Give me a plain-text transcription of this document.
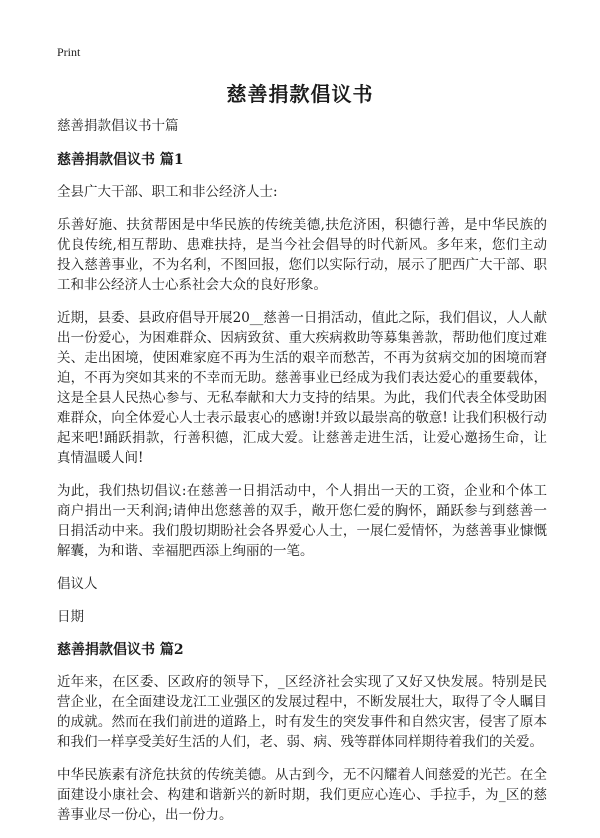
Print
慈善捐款倡议书

慈善捐款倡议书十篇

慈善捐款倡议书 篇1

全县广大干部、职工和非公经济人士:

乐善好施、扶贫帮困是中华民族的传统美德,扶危济困，积德行善，是中华民族的优良传统,相互帮助、患难扶持，是当今社会倡导的时代新风。多年来，您们主动投入慈善事业，不为名利，不图回报，您们以实际行动，展示了肥西广大干部、职工和非公经济人士心系社会大众的良好形象。

近期，县委、县政府倡导开展20__慈善一日捐活动，值此之际，我们倡议，人人献出一份爱心，为困难群众、因病致贫、重大疾病救助等募集善款，帮助他们度过难关、走出困境，使困难家庭不再为生活的艰辛而愁苦，不再为贫病交加的困境而窘迫，不再为突如其来的不幸而无助。慈善事业已经成为我们表达爱心的重要载体，这是全县人民热心参与、无私奉献和大力支持的结果。为此，我们代表全体受助困难群众，向全体爱心人士表示最衷心的感谢!并致以最崇高的敬意! 让我们积极行动起来吧!踊跃捐款，行善积德，汇成大爱。让慈善走进生活，让爱心邀扬生命，让真情温暖人间!

为此，我们热切倡议:在慈善一日捐活动中，个人捐出一天的工资，企业和个体工商户捐出一天利润;请伸出您慈善的双手，敞开您仁爱的胸怀，踊跃参与到慈善一日捐活动中来。我们殷切期盼社会各界爱心人士，一展仁爱情怀，为慈善事业慷慨解囊，为和谐、幸福肥西添上绚丽的一笔。

倡议人

日期

慈善捐款倡议书 篇2

近年来，在区委、区政府的领导下，_区经济社会实现了又好又快发展。特别是民营企业，在全面建设龙江工业强区的发展过程中，不断发展壮大，取得了令人瞩目的成就。然而在我们前进的道路上，时有发生的突发事件和自然灾害，侵害了原本和我们一样享受美好生活的人们，老、弱、病、残等群体同样期待着我们的关爱。

中华民族素有济危扶贫的传统美德。从古到今，无不闪耀着人间慈爱的光芒。在全面建设小康社会、构建和谐新兴的新时期，我们更应心连心、手拉手，为_区的慈善事业尽一份心，出一份力。
